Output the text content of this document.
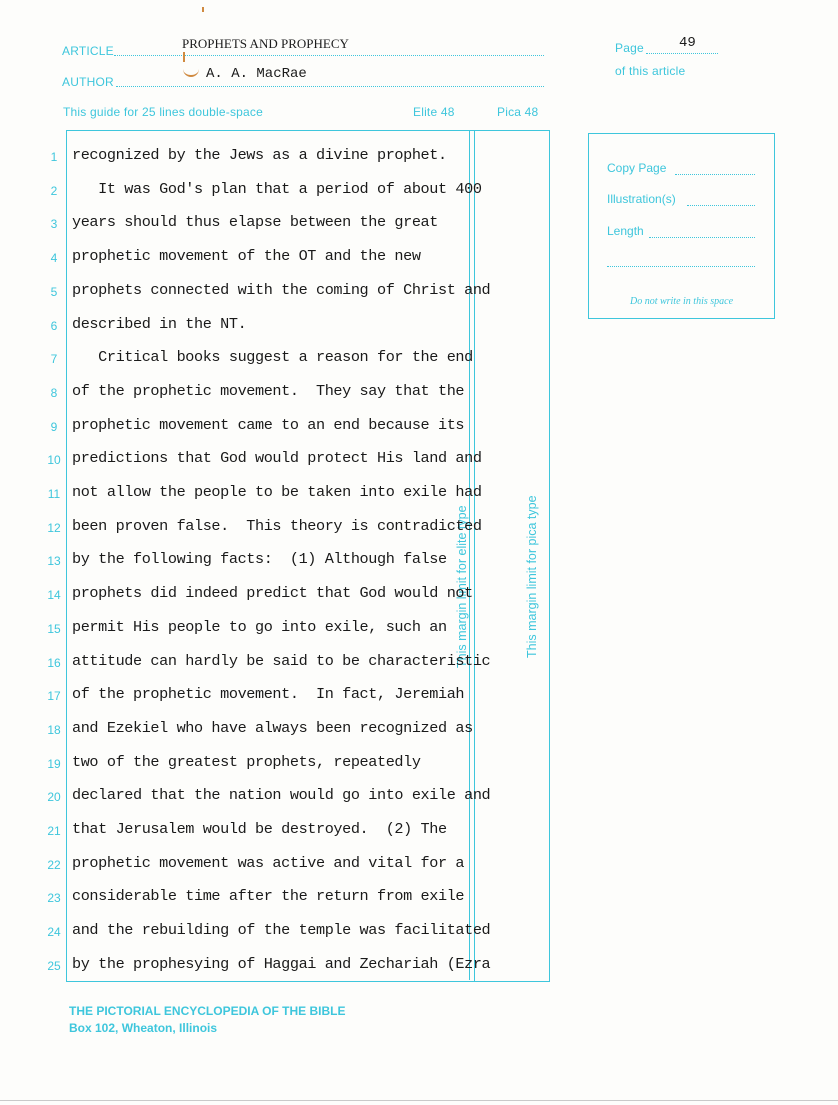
ARTICLE	PROPHETS AND PROPHECY
AUTHOR	A. A. MacRae
Page	49
of this article
This guide for 25 lines double-space	Elite 48	Pica 48
This margin limit for elite type	This margin limit for pica type
1 recognized by the Jews as a divine prophet.
2 It was God's plan that a period of about 400
3 years should thus elapse between the great
4 prophetic movement of the OT and the new
5 prophets connected with the coming of Christ and
6 described in the NT.
7 Critical books suggest a reason for the end
8 of the prophetic movement.  They say that the
9 prophetic movement came to an end because its
10 predictions that God would protect His land and
11 not allow the people to be taken into exile had
12 been proven false.  This theory is contradicted
13 by the following facts:  (1) Although false
14 prophets did indeed predict that God would not
15 permit His people to go into exile, such an
16 attitude can hardly be said to be characteristic
17 of the prophetic movement.  In fact, Jeremiah
18 and Ezekiel who have always been recognized as
19 two of the greatest prophets, repeatedly
20 declared that the nation would go into exile and
21 that Jerusalem would be destroyed.  (2) The
22 prophetic movement was active and vital for a
23 considerable time after the return from exile
24 and the rebuilding of the temple was facilitated
25 by the prophesying of Haggai and Zechariah (Ezra
Copy Page
Illustration(s)
Length
Do not write in this space
THE PICTORIAL ENCYCLOPEDIA OF THE BIBLE
Box 102, Wheaton, Illinois
